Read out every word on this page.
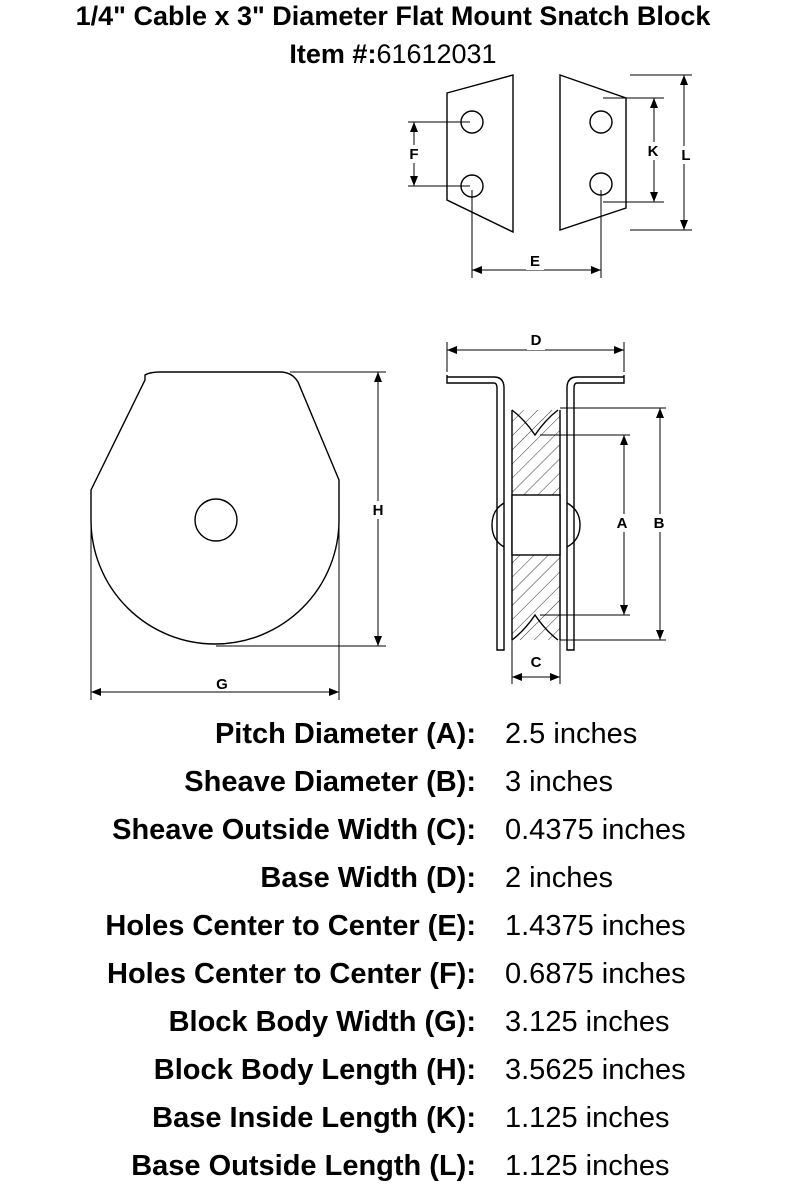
1/4" Cable x 3" Diameter Flat Mount Snatch Block
Item #:61612031
E
F	K L
D
H
G
A B
C
Pitch Diameter (A): 2.5 inches
Sheave Diameter (B): 3 inches
Sheave Outside Width (C): 0.4375 inches
Base Width (D): 2 inches
Holes Center to Center (E): 1.4375 inches
Holes Center to Center (F): 0.6875 inches
Block Body Width (G): 3.125 inches
Block Body Length (H): 3.5625 inches
Base Inside Length (K): 1.125 inches
Base Outside Length (L): 1.125 inches
